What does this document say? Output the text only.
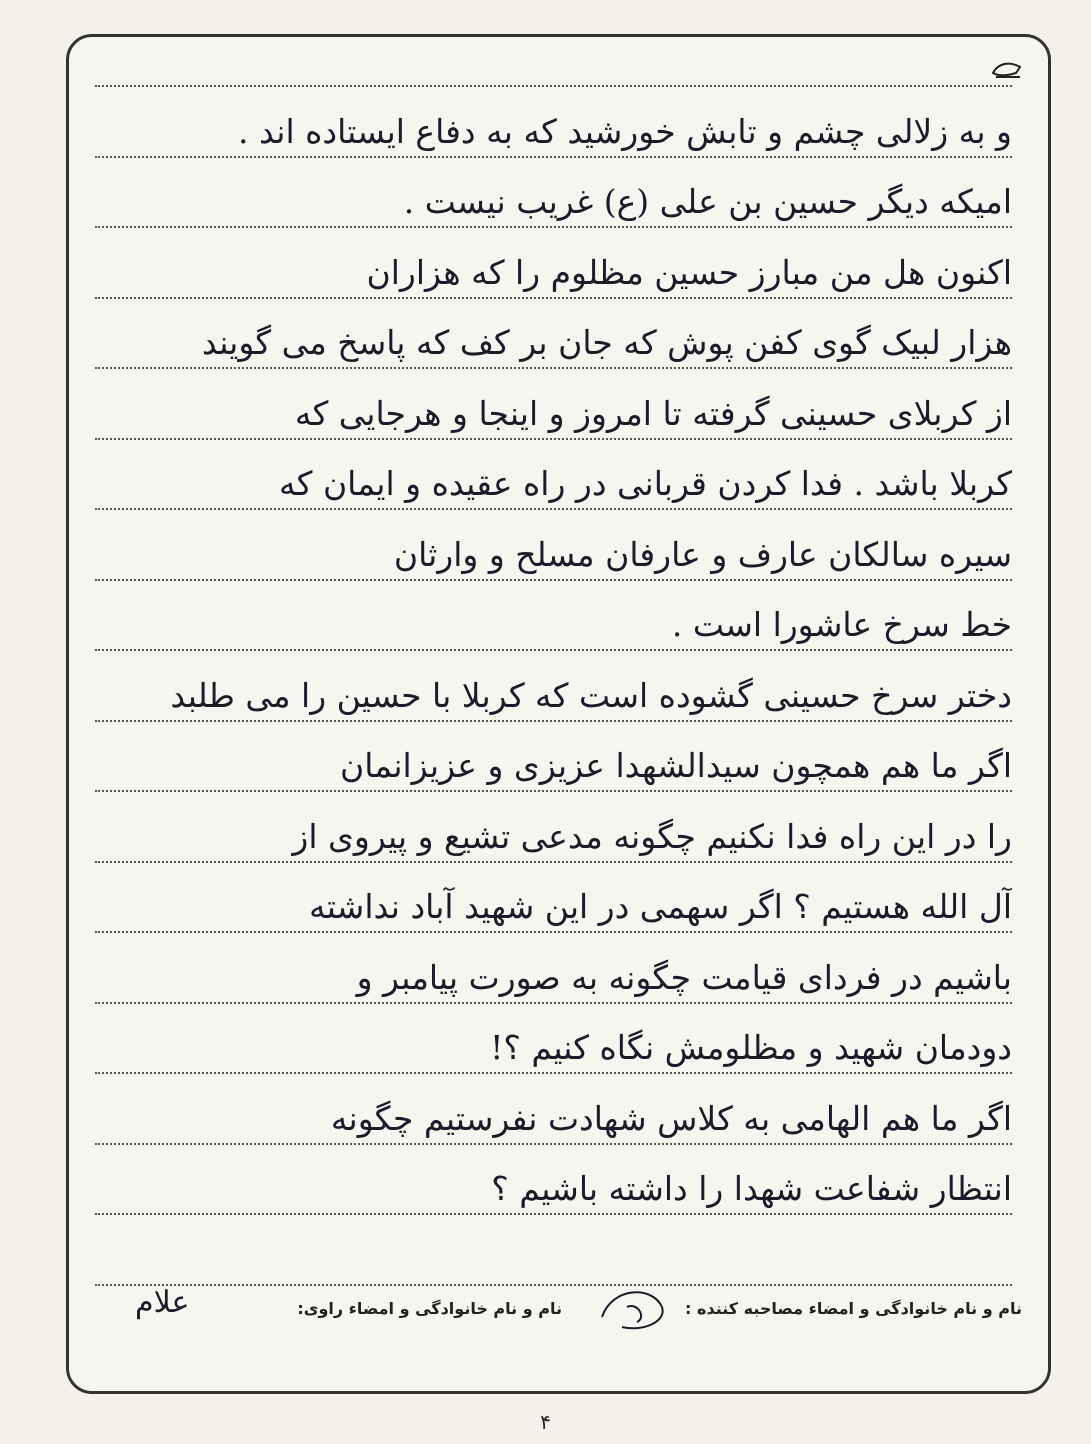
و به زلالی چشم و تابش خورشید که به دفاع ایستاده اند .
امیکه دیگر حسین بن علی (ع) غریب نیست .
اکنون هل من مبارز حسین مظلوم را که هزاران
هزار لبیک گوی کفن پوش که جان بر کف که پاسخ می گویند
از کربلای حسینی گرفته تا امروز و اینجا و هرجایی که
کربلا باشد . فدا کردن قربانی در راه عقیده و ایمان که
سیره سالکان عارف و عارفان مسلح و وارثان
خط سرخ عاشورا است .
دختر سرخ حسینی گشوده است که کربلا با حسین را می طلبد
اگر ما هم همچون سیدالشهدا عزیزی و عزیزانمان
را در این راه فدا نکنیم چگونه مدعی تشیع و پیروی از
آل الله هستیم ؟ اگر سهمی در این شهید آباد نداشته
باشیم در فردای قیامت چگونه به صورت پیامبر و
دودمان شهید و مظلومش نگاه کنیم ؟!
اگر ما هم الهامی به کلاس شهادت نفرستیم چگونه
انتظار شفاعت شهدا را داشته باشیم ؟
نام و نام خانوادگی و امضاء مصاحبه کننده :
نام و نام خانوادگی و امضاء راوی:
علام
۴
